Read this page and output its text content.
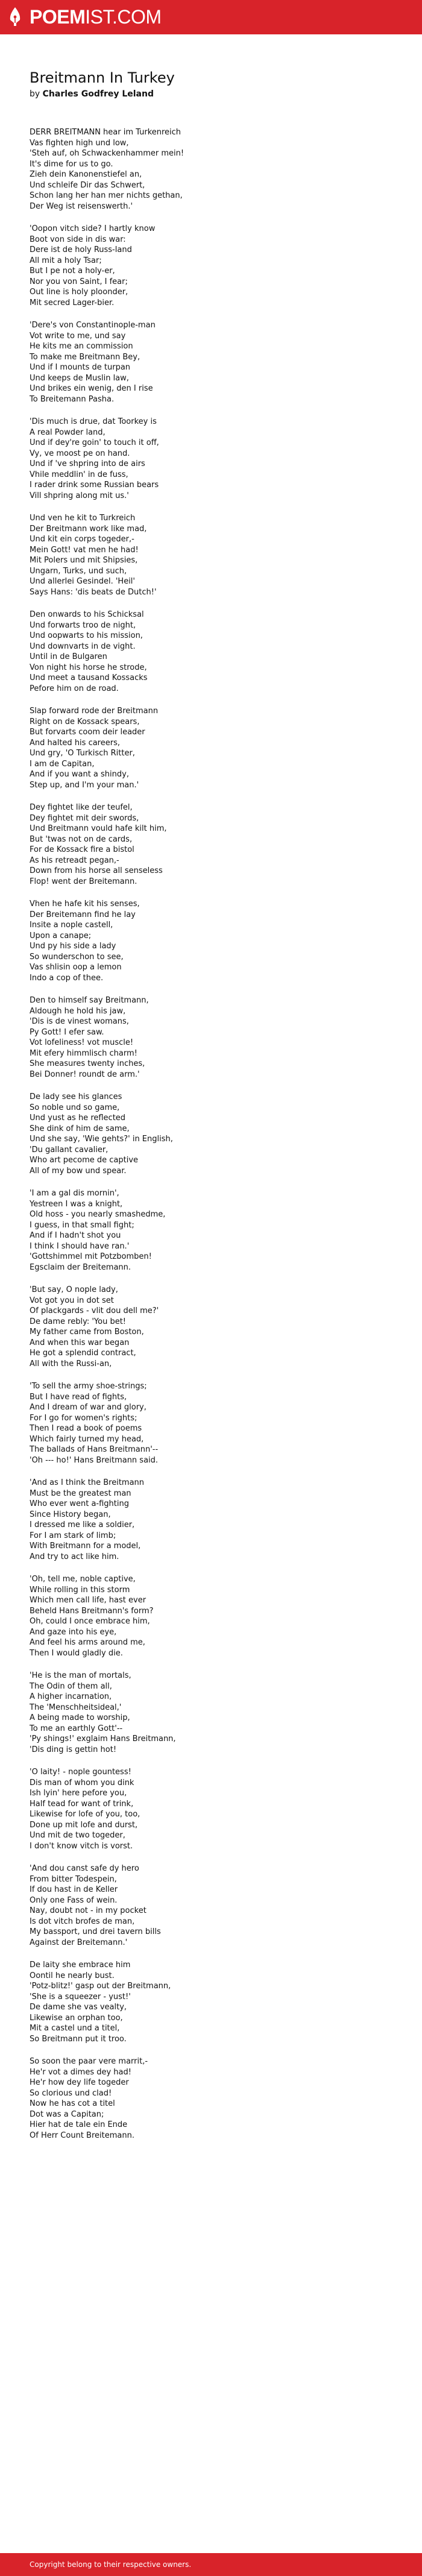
POEMIST.COM
Breitmann In Turkey
by Charles Godfrey Leland
DERR BREITMANN hear im Turkenreich
Vas fighten high und low,
'Steh auf, oh Schwackenhammer mein!
It's dime for us to go.
Zieh dein Kanonenstiefel an,
Und schleife Dir das Schwert,
Schon lang her han mer nichts gethan,
Der Weg ist reisenswerth.'
'Oopon vitch side? I hartly know
Boot von side in dis war:
Dere ist de holy Russ-land
All mit a holy Tsar;
But I pe not a holy-er,
Nor you von Saint, I fear;
Out line is holy ploonder,
Mit secred Lager-bier.
'Dere's von Constantinople-man
Vot write to me, und say
He kits me an commission
To make me Breitmann Bey,
Und if I mounts de turpan
Und keeps de Muslin law,
Und brikes ein wenig, den I rise
To Breitemann Pasha.
'Dis much is drue, dat Toorkey is
A real Powder land,
Und if dey're goin' to touch it off,
Vy, ve moost pe on hand.
Und if 've shpring into de airs
Vhile meddlin' in de fuss,
I rader drink some Russian bears
Vill shpring along mit us.'
Und ven he kit to Turkreich
Der Breitmann work like mad,
Und kit ein corps togeder,-
Mein Gott! vat men he had!
Mit Polers und mit Shipsies,
Ungarn, Turks, und such,
Und allerlei Gesindel. 'Heil'
Says Hans: 'dis beats de Dutch!'
Den onwards to his Schicksal
Und forwarts troo de night,
Und oopwarts to his mission,
Und downvarts in de vight.
Until in de Bulgaren
Von night his horse he strode,
Und meet a tausand Kossacks
Pefore him on de road.
Slap forward rode der Breitmann
Right on de Kossack spears,
But forvarts coom deir leader
And halted his careers,
Und gry, 'O Turkisch Ritter,
I am de Capitan,
And if you want a shindy,
Step up, and I'm your man.'
Dey fightet like der teufel,
Dey fightet mit deir swords,
Und Breitmann vould hafe kilt him,
But 'twas not on de cards,
For de Kossack fire a bistol
As his retreadt pegan,-
Down from his horse all senseless
Flop! went der Breitemann.
Vhen he hafe kit his senses,
Der Breitemann find he lay
Insite a nople castell,
Upon a canape;
Und py his side a lady
So wunderschon to see,
Vas shlisin oop a lemon
Indo a cop of thee.
Den to himself say Breitmann,
Aldough he hold his jaw,
'Dis is de vinest womans,
Py Gott! I efer saw.
Vot lofeliness! vot muscle!
Mit efery himmlisch charm!
She measures twenty inches,
Bei Donner! roundt de arm.'
De lady see his glances
So noble und so game,
Und yust as he reflected
She dink of him de same,
Und she say, 'Wie gehts?' in English,
'Du gallant cavalier,
Who art pecome de captive
All of my bow und spear.
'I am a gal dis mornin',
Yestreen I was a knight,
Old hoss - you nearly smashedme,
I guess, in that small fight;
And if I hadn't shot you
I think I should have ran.'
'Gottshimmel mit Potzbomben!
Egsclaim der Breitemann.
'But say, O nople lady,
Vot got you in dot set
Of plackgards - vlit dou dell me?'
De dame rebly: 'You bet!
My father came from Boston,
And when this war began
He got a splendid contract,
All with the Russi-an,
'To sell the army shoe-strings;
But I have read of fights,
And I dream of war and glory,
For I go for women's rights;
Then I read a book of poems
Which fairly turned my head,
The ballads of Hans Breitmann'--
'Oh --- ho!' Hans Breitmann said.
'And as I think the Breitmann
Must be the greatest man
Who ever went a-fighting
Since History began,
I dressed me like a soldier,
For I am stark of limb;
With Breitmann for a model,
And try to act like him.
'Oh, tell me, noble captive,
While rolling in this storm
Which men call life, hast ever
Beheld Hans Breitmann's form?
Oh, could I once embrace him,
And gaze into his eye,
And feel his arms around me,
Then I would gladly die.
'He is the man of mortals,
The Odin of them all,
A higher incarnation,
The 'Menschheitsideal,'
A being made to worship,
To me an earthly Gott'--
'Py shings!' exglaim Hans Breitmann,
'Dis ding is gettin hot!
'O laity! - nople gountess!
Dis man of whom you dink
Ish lyin' here pefore you,
Half tead for want of trink,
Likewise for lofe of you, too,
Done up mit lofe and durst,
Und mit de two togeder,
I don't know vitch is vorst.
'And dou canst safe dy hero
From bitter Todespein,
If dou hast in de Keller
Only one Fass of wein.
Nay, doubt not - in my pocket
Is dot vitch brofes de man,
My bassport, und drei tavern bills
Against der Breitemann.'
De laity she embrace him
Oontil he nearly bust.
'Potz-blitz!' gasp out der Breitmann,
'She is a squeezer - yust!'
De dame she vas vealty,
Likewise an orphan too,
Mit a castel und a titel,
So Breitmann put it troo.
So soon the paar vere marrit,-
He'r vot a dimes dey had!
He'r how dey life togeder
So clorious und clad!
Now he has cot a titel
Dot was a Capitan;
Hier hat de tale ein Ende
Of Herr Count Breitemann.
Copyright belong to their respective owners.
